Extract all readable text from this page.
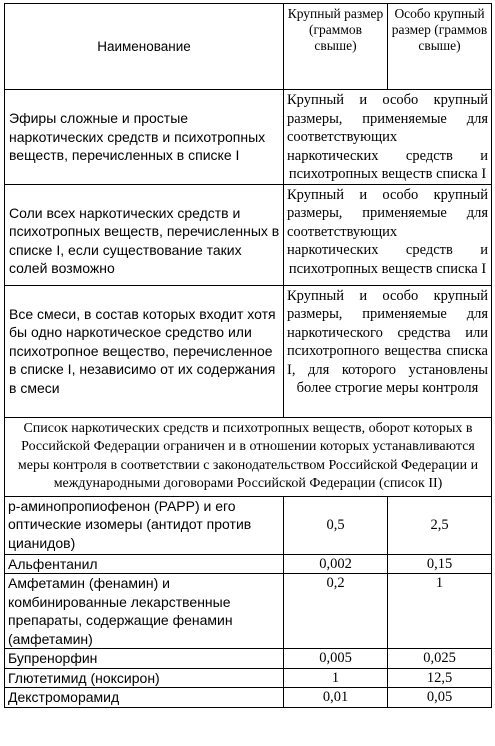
Наименование	Крупный размер (граммов свыше)	Особо крупный размер (граммов свыше)
Эфиры сложные и простые наркотических средств и психотропных веществ, перечисленных в списке I	Крупный и особо крупный размеры, применяемые для соответствующих наркотических средств и психотропных веществ списка I	
Соли всех наркотических средств и психотропных веществ, перечисленных в списке I, если существование таких солей возможно	Крупный и особо крупный размеры, применяемые для соответствующих наркотических средств и психотропных веществ списка I	
Все смеси, в состав которых входит хотя бы одно наркотическое средство или психотропное вещество, перечисленное в списке I, независимо от их содержания в смеси	Крупный и особо крупный размеры, применяемые для наркотического средства или психотропного вещества списка I, для которого установлены более строгие меры контроля	
Список наркотических средств и психотропных веществ, оборот которых в Российской Федерации ограничен и в отношении которых устанавливаются меры контроля в соответствии с законодательством Российской Федерации и международными договорами Российской Федерации (список II)		
р-аминопропиофенон (PAPP) и его оптические изомеры (антидот против цианидов)	0,5	2,5
Альфентанил	0,002	0,15
Амфетамин (фенамин) и комбинированные лекарственные препараты, содержащие фенамин (амфетамин)	0,2	1
Бупренорфин	0,005	0,025
Глютетимид (ноксирон)	1	12,5
Декстроморамид	0,01	0,05
